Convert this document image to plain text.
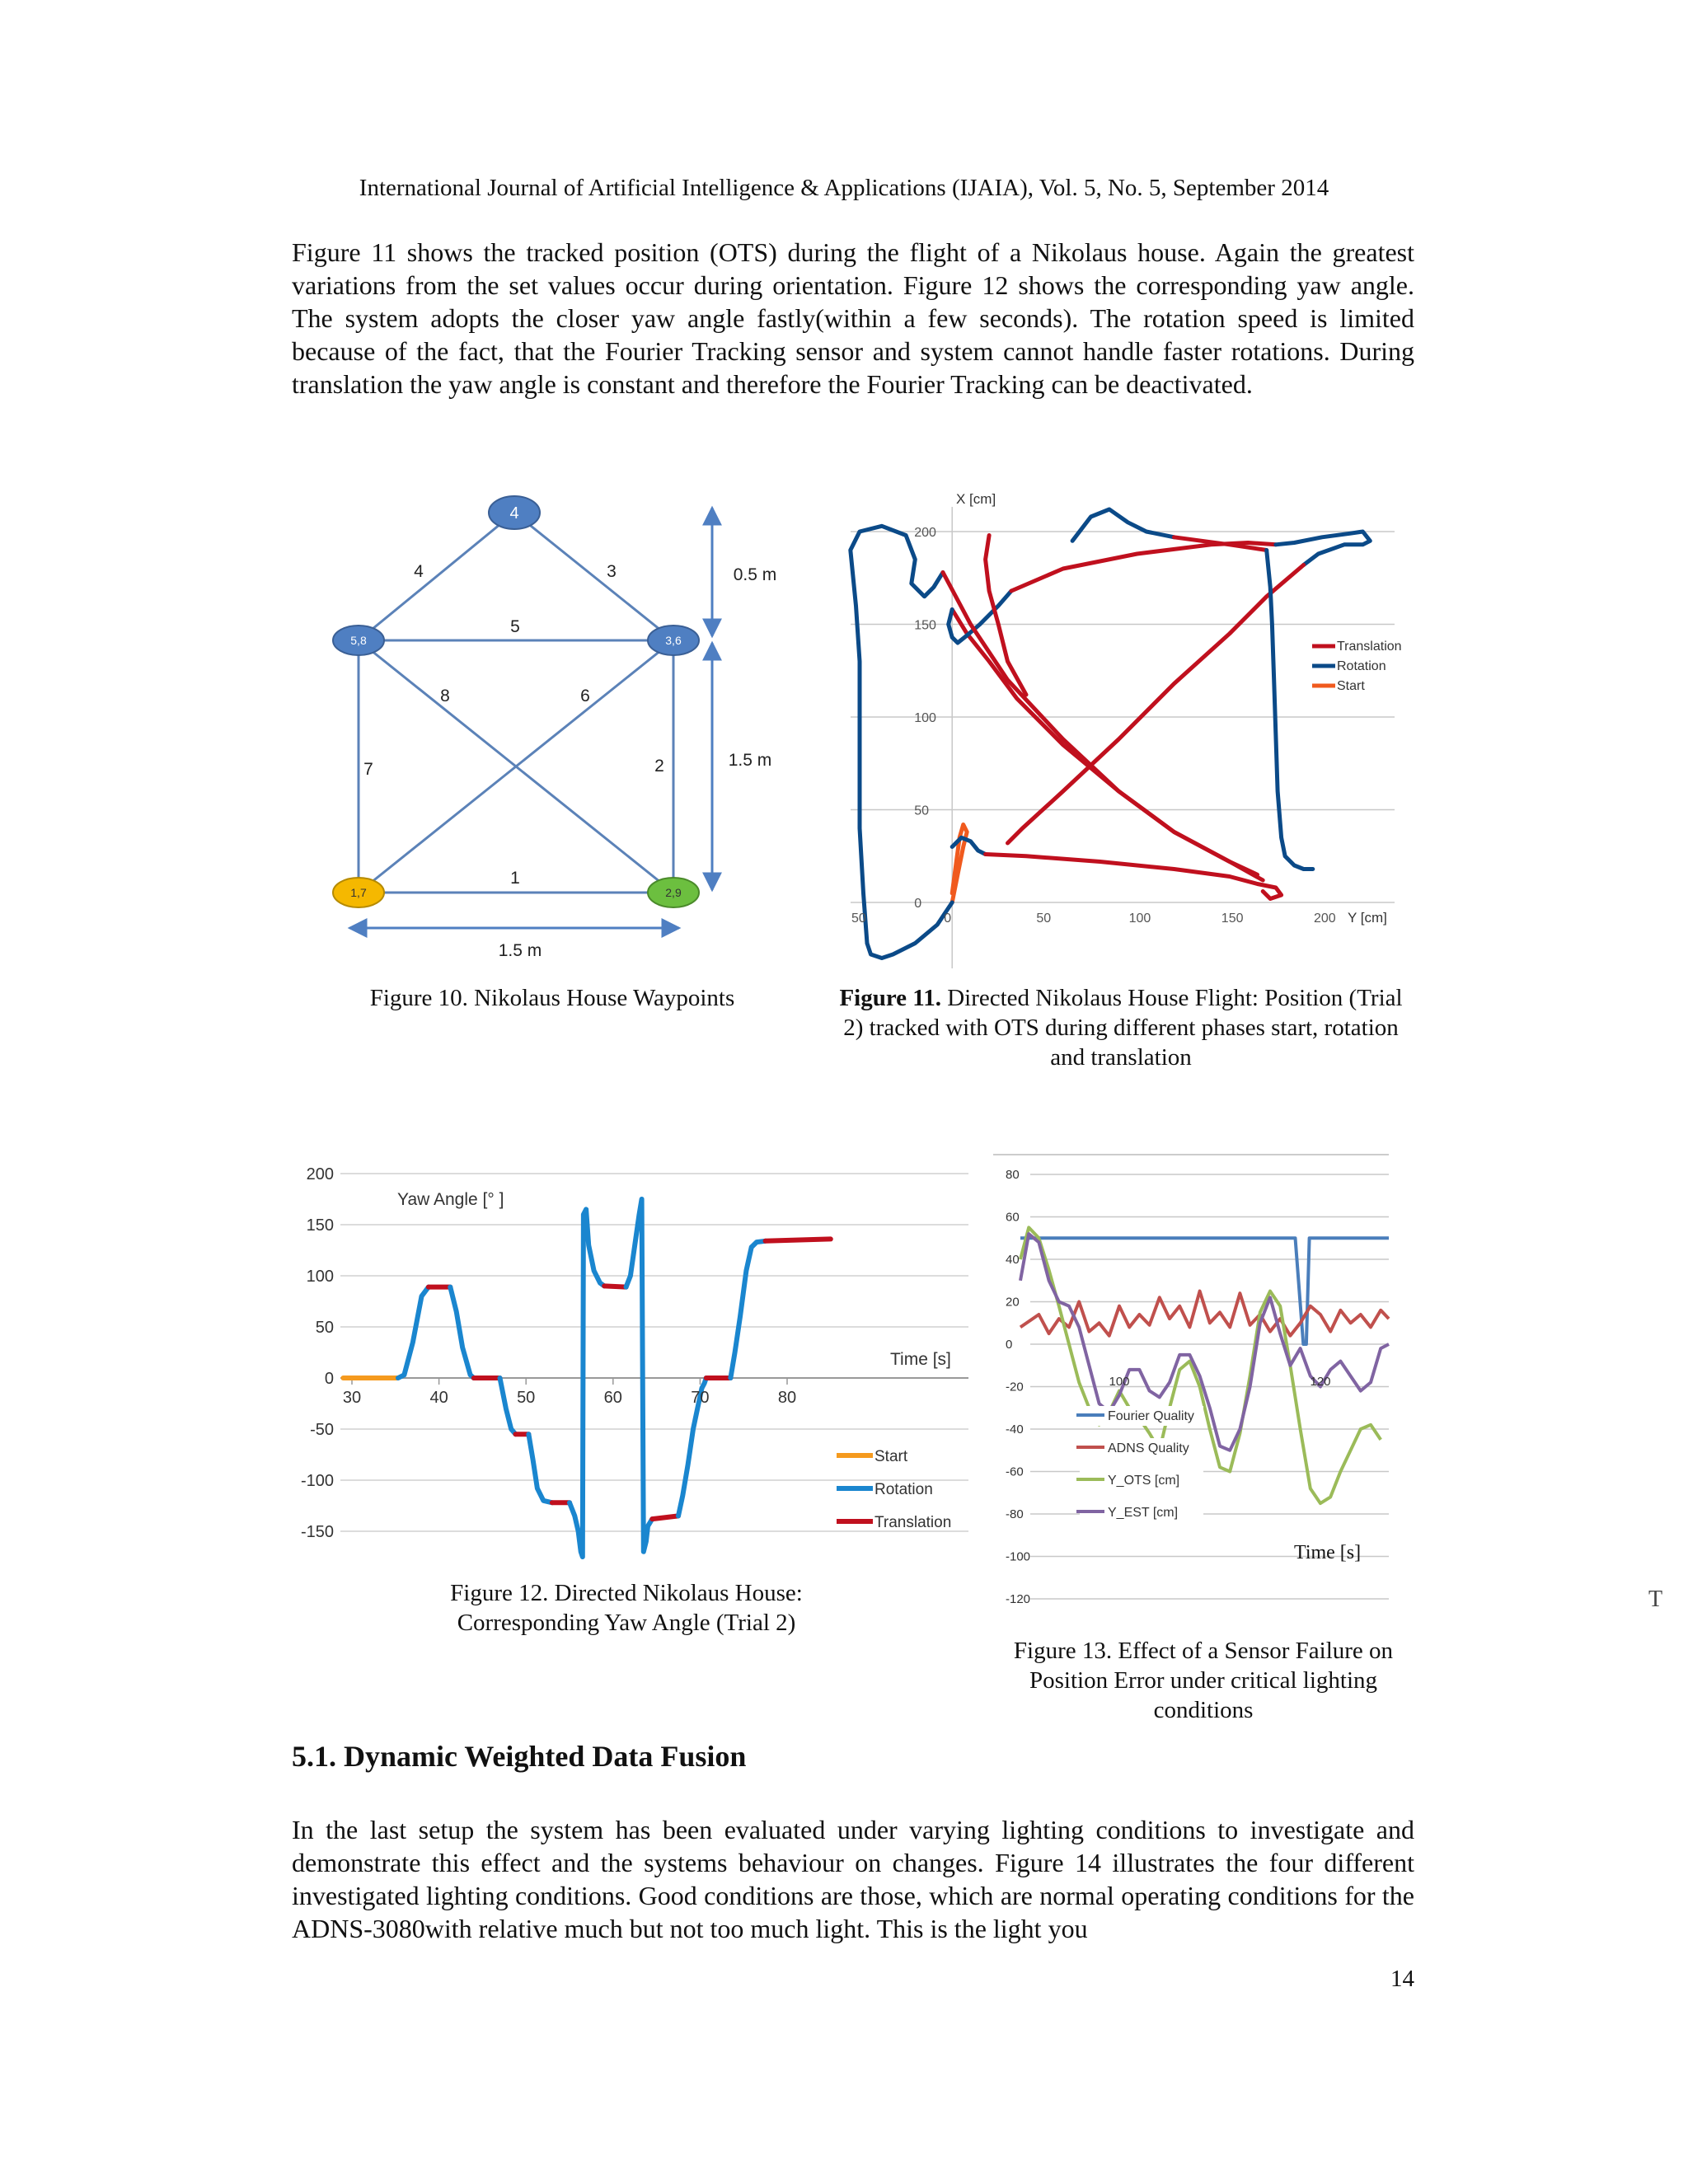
International Journal of Artificial Intelligence & Applications (IJAIA), Vol. 5, No. 5, September 2014
Figure 11 shows the tracked position (OTS) during the flight of a Nikolaus house. Again the greatest variations from the set values occur during orientation. Figure 12 shows the corresponding yaw angle. The system adopts the closer yaw angle fastly(within a few seconds). The rotation speed is limited because of the fact, that the Fourier Tracking sensor and system cannot handle faster rotations. During translation the yaw angle is constant and therefore the Fourier Tracking can be deactivated.
4	3
5
8	6
7	2
1
0.5 m
1.5 m
1.5 m
4
5,8	3,6
1,7	2,9
Figure 10. Nikolaus House Waypoints
200
150
100
50
0
50	0	50	100	150	200
X [cm]
Y [cm]
Translation
Rotation
Start
Figure 11. Directed Nikolaus House Flight: Position (Trial 2) tracked with OTS during different phases start, rotation and translation
200
150
100
50
0
-50
-100
-150
30	40	50	60	70	80
Yaw Angle [° ]
Time [s]
Start
Rotation
Translation
Figure 12. Directed Nikolaus House: Corresponding Yaw Angle (Trial 2)
80
60
40
20
0
-20
-40
-60
-80
-100
-120
100	120
Fourier Quality
ADNS Quality
Y_OTS [cm]
Y_EST [cm]
Time [s]
Figure 13. Effect of a Sensor Failure on Position Error under critical lighting conditions
T
5.1. Dynamic Weighted Data Fusion
In the last setup the system has been evaluated under varying lighting conditions to investigate and demonstrate this effect and the systems behaviour on changes. Figure 14 illustrates the four different investigated lighting conditions. Good conditions are those, which are normal operating conditions for the ADNS-3080with relative much but not too much light. This is the light you
14
